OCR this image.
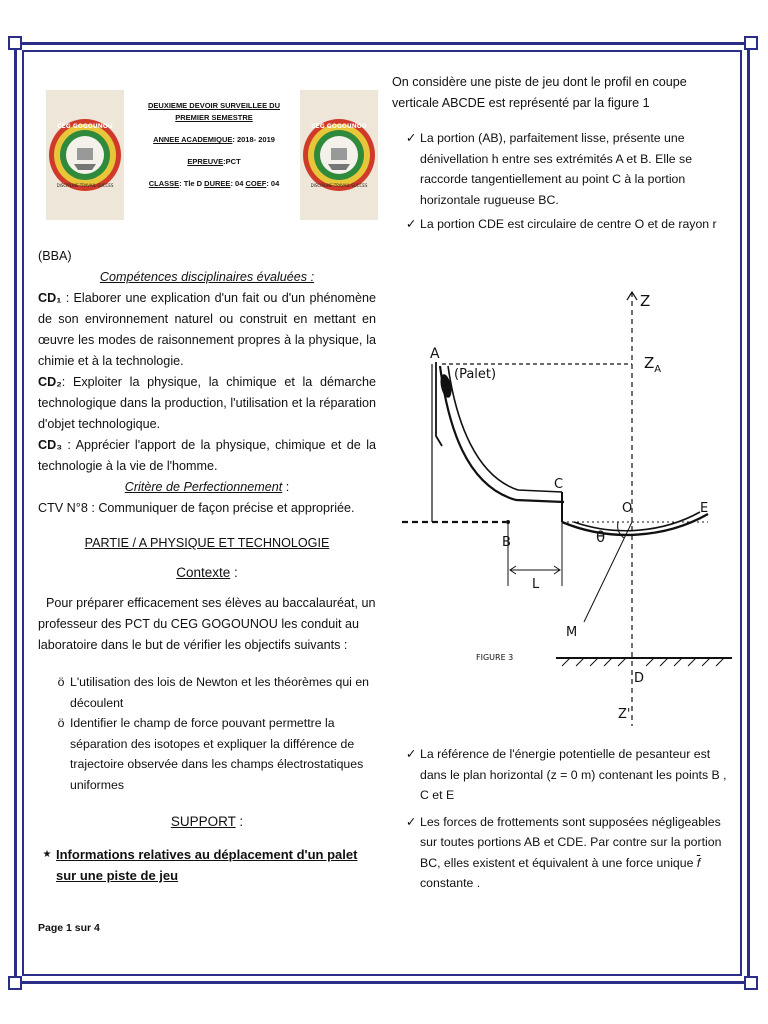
CEG GOGOUNOU
DISCIPLINE-TRAVAIL-SUCCES
DEUXIEME DEVOIR SURVEILLEE DU
PREMIER SEMESTRE
ANNEE ACADEMIQUE: 2018- 2019
EPREUVE:PCT
CLASSE: Tle D DUREE: 04 COEF: 04
CEG GOGOUNOU
DISCIPLINE-TRAVAIL-SUCCES

(BBA)

Compétences disciplinaires évaluées :

CD₁ : Elaborer une explication d'un fait ou d'un phénomène de son environnement naturel ou construit en mettant en œuvre les modes de raisonnement propres à la physique, la chimie et à la technologie.

CD₂: Exploiter la physique, la chimique et la démarche technologique dans la production, l'utilisation et la réparation d'objet technologique.

CD₃ : Apprécier l'apport de la physique, chimique et de la technologie à la vie de l'homme.

Critère de Perfectionnement :

CTV N°8 : Communiquer de façon précise et appropriée.

PARTIE / A PHYSIQUE ET TECHNOLOGIE

Contexte :

Pour préparer efficacement ses élèves au baccalauréat, un professeur des PCT du CEG GOGOUNOU les conduit au laboratoire dans le but de vérifier les objectifs suivants :

ö L'utilisation des lois de Newton et les théorèmes qui en découlent
ö Identifier le champ de force pouvant permettre la séparation des isotopes et expliquer la différence de trajectoire observée dans les champs électrostatiques uniformes

SUPPORT :

★ Informations relatives au déplacement d'un palet sur une piste de jeu
Page 1 sur 4

On considère une piste de jeu dont le profil en coupe verticale ABCDE est représenté par la figure 1

✓ La portion (AB), parfaitement lisse, présente une dénivellation h entre ses extrémités A et B. Elle se raccorde tangentiellement au point C à la portion horizontale rugueuse BC.
✓ La portion CDE est circulaire de centre O et de rayon r
A
(Palet)
Z
$Z_A$
C
O	E
B	θ
L
M
D
Z'
FIGURE 3
✓ La référence de l'énergie potentielle de pesanteur est dans le plan horizontal (z = 0 m) contenant les points B , C et E
✓ Les forces de frottements sont supposées négligeables sur toutes portions AB et CDE. Par contre sur la portion BC, elles existent et équivalent à une force unique $\overline{f}$ constante .
